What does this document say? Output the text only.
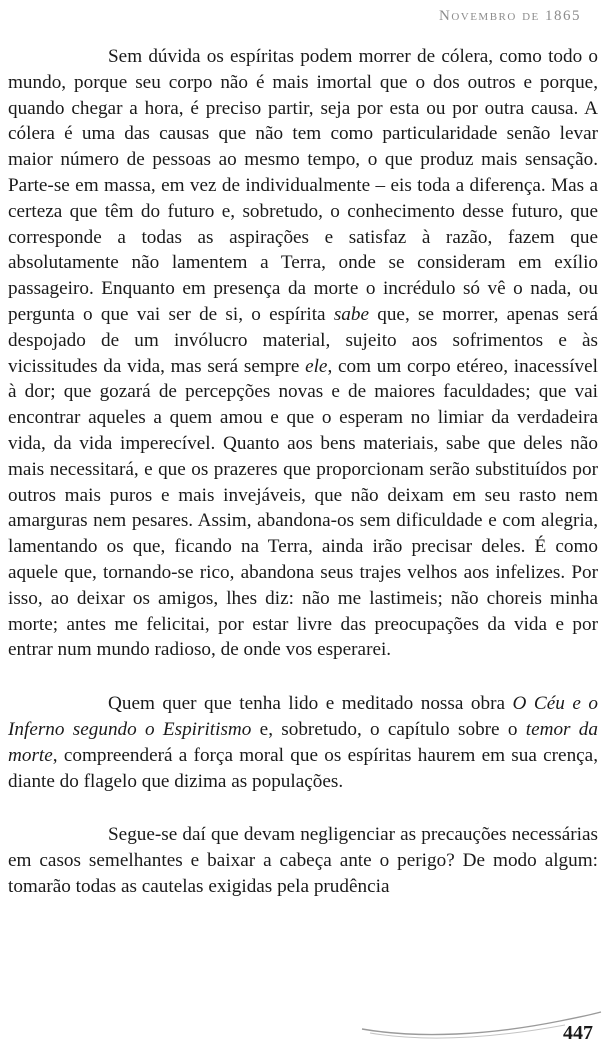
Novembro de 1865

Sem dúvida os espíritas podem morrer de cólera, como todo o mundo, porque seu corpo não é mais imortal que o dos outros e porque, quando chegar a hora, é preciso partir, seja por esta ou por outra causa. A cólera é uma das causas que não tem como particularidade senão levar maior número de pessoas ao mesmo tempo, o que produz mais sensação. Parte-se em massa, em vez de individualmente – eis toda a diferença. Mas a certeza que têm do futuro e, sobretudo, o conhecimento desse futuro, que corresponde a todas as aspirações e satisfaz à razão, fazem que absolutamente não lamentem a Terra, onde se consideram em exílio passageiro. Enquanto em presença da morte o incrédulo só vê o nada, ou pergunta o que vai ser de si, o espírita sabe que, se morrer, apenas será despojado de um invólucro material, sujeito aos sofrimentos e às vicissitudes da vida, mas será sempre ele, com um corpo etéreo, inacessível à dor; que gozará de percepções novas e de maiores faculdades; que vai encontrar aqueles a quem amou e que o esperam no limiar da verdadeira vida, da vida imperecível. Quanto aos bens materiais, sabe que deles não mais necessitará, e que os prazeres que proporcionam serão substituídos por outros mais puros e mais invejáveis, que não deixam em seu rasto nem amarguras nem pesares. Assim, abandona-os sem dificuldade e com alegria, lamentando os que, ficando na Terra, ainda irão precisar deles. É como aquele que, tornando-se rico, abandona seus trajes velhos aos infelizes. Por isso, ao deixar os amigos, lhes diz: não me lastimeis; não choreis minha morte; antes me felicitai, por estar livre das preocupações da vida e por entrar num mundo radioso, de onde vos esperarei.

Quem quer que tenha lido e meditado nossa obra O Céu e o Inferno segundo o Espiritismo e, sobretudo, o capítulo sobre o temor da morte, compreenderá a força moral que os espíritas haurem em sua crença, diante do flagelo que dizima as populações.

Segue-se daí que devam negligenciar as precauções necessárias em casos semelhantes e baixar a cabeça ante o perigo? De modo algum: tomarão todas as cautelas exigidas pela prudência

447
